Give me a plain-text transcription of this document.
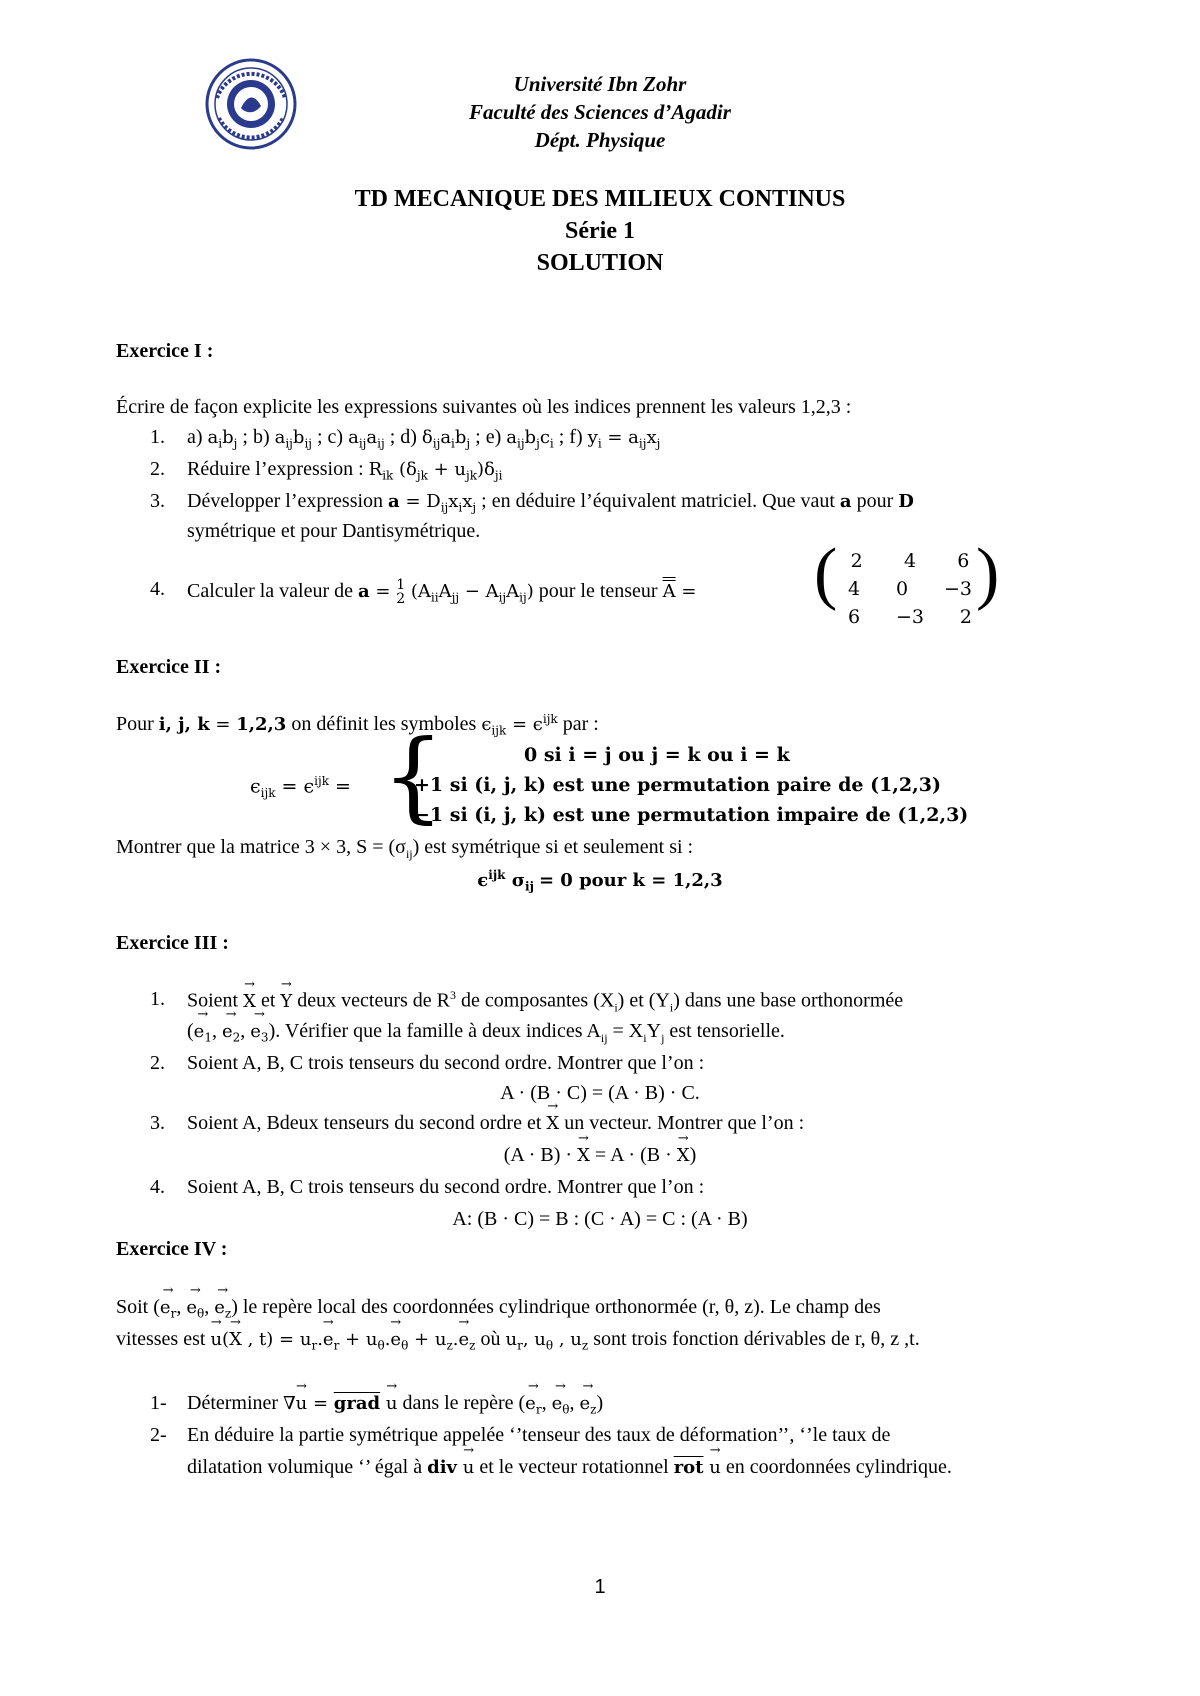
Université Ibn Zohr
Faculté des Sciences d’Agadir
Dépt. Physique
TD MECANIQUE DES MILIEUX CONTINUS
Série 1
SOLUTION
Exercice I :
Écrire de façon explicite les expressions suivantes où les indices prennent les valeurs 1,2,3 :
1. a) $a_ib_j$ ; b) $a_{ij}b_{ij}$ ; c) $a_{ij}a_{ij}$ ; d) $\delta_{ij}a_ib_j$ ; e) $a_{ij}b_jc_i$ ; f) $y_i = a_{ij}x_j$
2. Réduire l’expression : $R_{ik}$ $(\delta_{jk} + u_{jk})\delta_{ji}$
3. Développer l’expression $a = D_{ij}x_ix_j$ ; en déduire l’équivalent matriciel. Que vaut a pour D
symétrique et pour Dantisymétrique.
4. Calculer la valeur de a = 1
2 $(A_{ii}A_{jj} - A_{ij}A_{ij})$ pour le tenseur A = ( )
2 4 6
4 0 −3
6 −3 2
Exercice II :
Pour i, j, k = 1,2,3 on définit les symboles $\epsilon_{ijk} = \epsilon^{ijk}$ par :
$\epsilon_{ijk} = \epsilon^{ijk}$ = {	0 si i = j ou j = k ou i = k
+1 si (i, j, k) est une permutation paire de (1,2,3)
−1 si (i, j, k) est une permutation impaire de (1,2,3)
Montrer que la matrice 3 × 3, $S = (\sigma_{ij})$ est symétrique si et seulement si :
$\epsilon^{ijk}$ $\sigma_{ij} = 0$ pour k = 1,2,3
Exercice III :
1. Soient → X et → Y deux vecteurs de $R^3$ de composantes $(X_i)$ et $(Y_i)$ dans une base orthonormée
(→ $e_1$, → $e_2$, → $e_3$). Vérifier que la famille à deux indices $A_{ij} = X_iY_j$ est tensorielle.
2. Soient A, B, C trois tenseurs du second ordre. Montrer que l’on :
A · (B · C) = (A · B) · C.
3. Soient A, Bdeux tenseurs du second ordre et → X un vecteur. Montrer que l’on :
(A · B) · → X = A · (B · → X)
4. Soient A, B, C trois tenseurs du second ordre. Montrer que l’on :
A: (B · C) = B : (C · A) = C : (A · B)
Exercice IV :
Soit (→ $e_r$, → $e_\theta$, → $e_z$) le repère local des coordonnées cylindrique orthonormée (r, θ, z). Le champ des
vitesses est → u(→ X , $t) = u_r.\to e_r + u_\theta.\to e_\theta + u_z.\to e_z$ où $u_r$, $u_\theta$ , $u_z$ sont trois fonction dérivables de r, θ, z ,t.
1- Déterminer ∇→ u = grad → u dans le repère (→ $e_r$, → $e_\theta$, → $e_z$)
2- En déduire la partie symétrique appelée ‘’tenseur des taux de déformation’’, ‘’le taux de
dilatation volumique ‘’ égal à div → u et le vecteur rotationnel $\overline{rot} \to u$ en coordonnées cylindrique.
1
